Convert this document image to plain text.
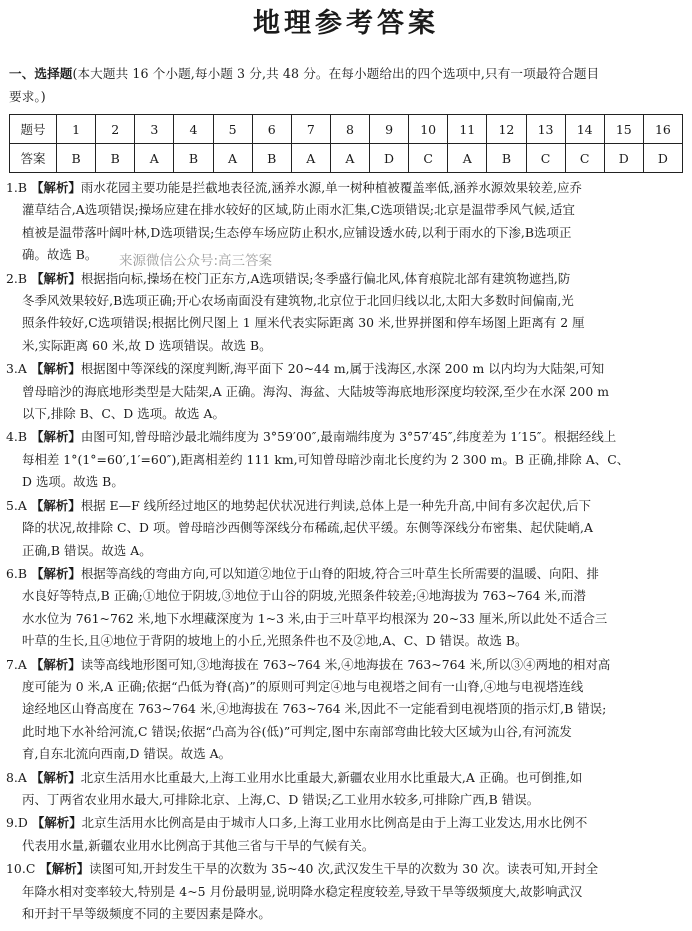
地理参考答案
一、选择题(本大题共 16 个小题,每小题 3 分,共 48 分。在每小题给出的四个选项中,只有一项最符合题目
要求。)
题号	1	2	3	4	5	6	7	8	9	10	11	12	13	14	15	16
答案	B	B	A	B	A	B	A	A	D	C	A	B	C	C	D	D
1.B 【解析】雨水花园主要功能是拦截地表径流,涵养水源,单一树种植被覆盖率低,涵养水源效果较差,应乔
灌草结合,A选项错误;操场应建在排水较好的区域,防止雨水汇集,C选项错误;北京是温带季风气候,适宜
植被是温带落叶阔叶林,D选项错误;生态停车场应防止积水,应铺设透水砖,以利于雨水的下渗,B选项正
确。故选 B。	来源微信公众号:高三答案
2.B 【解析】根据指向标,操场在校门正东方,A选项错误;冬季盛行偏北风,体育痕院北部有建筑物遮挡,防
冬季风效果较好,B选项正确;开心农场南面没有建筑物,北京位于北回归线以北,太阳大多数时间偏南,光
照条件较好,C选项错误;根据比例尺图上 1 厘米代表实际距离 30 米,世界拼图和停车场图上距离有 2 厘
米,实际距离 60 米,故 D 选项错误。故选 B。
3.A 【解析】根据图中等深线的深度判断,海平面下 20~44 m,属于浅海区,水深 200 m 以内均为大陆架,可知
曾母暗沙的海底地形类型是大陆架,A 正确。海沟、海盆、大陆坡等海底地形深度均较深,至少在水深 200 m
以下,排除 B、C、D 选项。故选 A。
4.B 【解析】由图可知,曾母暗沙最北端纬度为 3°59′00″,最南端纬度为 3°57′45″,纬度差为 1′15″。根据经线上
每相差 1°(1°=60′,1′=60″),距离相差约 111 km,可知曾母暗沙南北长度约为 2 300 m。B 正确,排除 A、C、
D 选项。故选 B。
5.A 【解析】根据 E—F 线所经过地区的地势起伏状况进行判读,总体上是一种先升高,中间有多次起伏,后下
降的状况,故排除 C、D 项。曾母暗沙西侧等深线分布稀疏,起伏平缓。东侧等深线分布密集、起伏陡峭,A
正确,B 错误。故选 A。
6.B 【解析】根据等高线的弯曲方向,可以知道②地位于山脊的阳坡,符合三叶草生长所需要的温暖、向阳、排
水良好等特点,B 正确;①地位于阴坡,③地位于山谷的阴坡,光照条件较差;④地海拔为 763~764 米,而潜
水水位为 761~762 米,地下水埋藏深度为 1~3 米,由于三叶草平均根深为 20~33 厘米,所以此处不适合三
叶草的生长,且④地位于背阴的坡地上的小丘,光照条件也不及②地,A、C、D 错误。故选 B。
7.A 【解析】读等高线地形图可知,③地海拔在 763~764 米,④地海拔在 763~764 米,所以③④两地的相对高
度可能为 0 米,A 正确;依据“凸低为脊(高)”的原则可判定④地与电视塔之间有一山脊,④地与电视塔连线
途经地区山脊高度在 763~764 米,④地海拔在 763~764 米,因此不一定能看到电视塔顶的指示灯,B 错误;
此时地下水补给河流,C 错误;依据“凸高为谷(低)”可判定,图中东南部弯曲比较大区域为山谷,有河流发
育,自东北流向西南,D 错误。故选 A。
8.A 【解析】北京生活用水比重最大,上海工业用水比重最大,新疆农业用水比重最大,A 正确。也可倒推,如
丙、丁两省农业用水最大,可排除北京、上海,C、D 错误;乙工业用水较多,可排除广西,B 错误。
9.D 【解析】北京生活用水比例高是由于城市人口多,上海工业用水比例高是由于上海工业发达,用水比例不
代表用水量,新疆农业用水比例高于其他三省与干旱的气候有关。
10.C 【解析】读图可知,开封发生干旱的次数为 35~40 次,武汉发生干旱的次数为 30 次。读表可知,开封全
年降水相对变率较大,特别是 4~5 月份最明显,说明降水稳定程度较差,导致干旱等级频度大,故影响武汉
和开封干旱等级频度不同的主要因素是降水。
